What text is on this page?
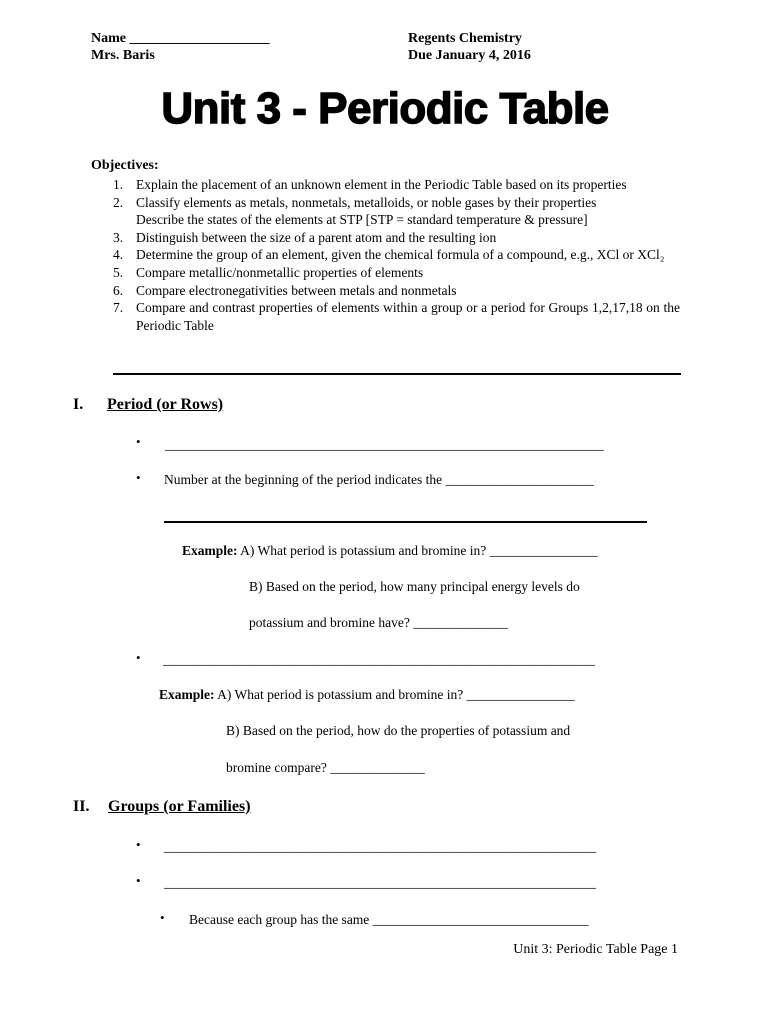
Name ____________________
Mrs. Baris
Regents Chemistry
Due January 4, 2016
Unit 3 - Periodic Table
Objectives:
1. Explain the placement of an unknown element in the Periodic Table based on its properties
2. Classify elements as metals, nonmetals, metalloids, or noble gases by their properties
Describe the states of the elements at STP [STP = standard temperature & pressure]
3. Distinguish between the size of a parent atom and the resulting ion
4. Determine the group of an element, given the chemical formula of a compound, e.g., XCl or XCl₂
5. Compare metallic/nonmetallic properties of elements
6. Compare electronegativities between metals and nonmetals
7. Compare and contrast properties of elements within a group or a period for Groups 1,2,17,18 on the Periodic Table
I. Period (or Rows)
• _________________________________________________________________
• Number at the beginning of the period indicates the ______________________
Example: A) What period is potassium and bromine in? ________________
B) Based on the period, how many principal energy levels do
potassium and bromine have? ______________
• ________________________________________________________________
Example: A) What period is potassium and bromine in? ________________
B) Based on the period, how do the properties of potassium and
bromine compare? ______________
II. Groups (or Families)
• ________________________________________________________________
• ________________________________________________________________
• Because each group has the same ________________________________
Unit 3: Periodic Table Page 1
